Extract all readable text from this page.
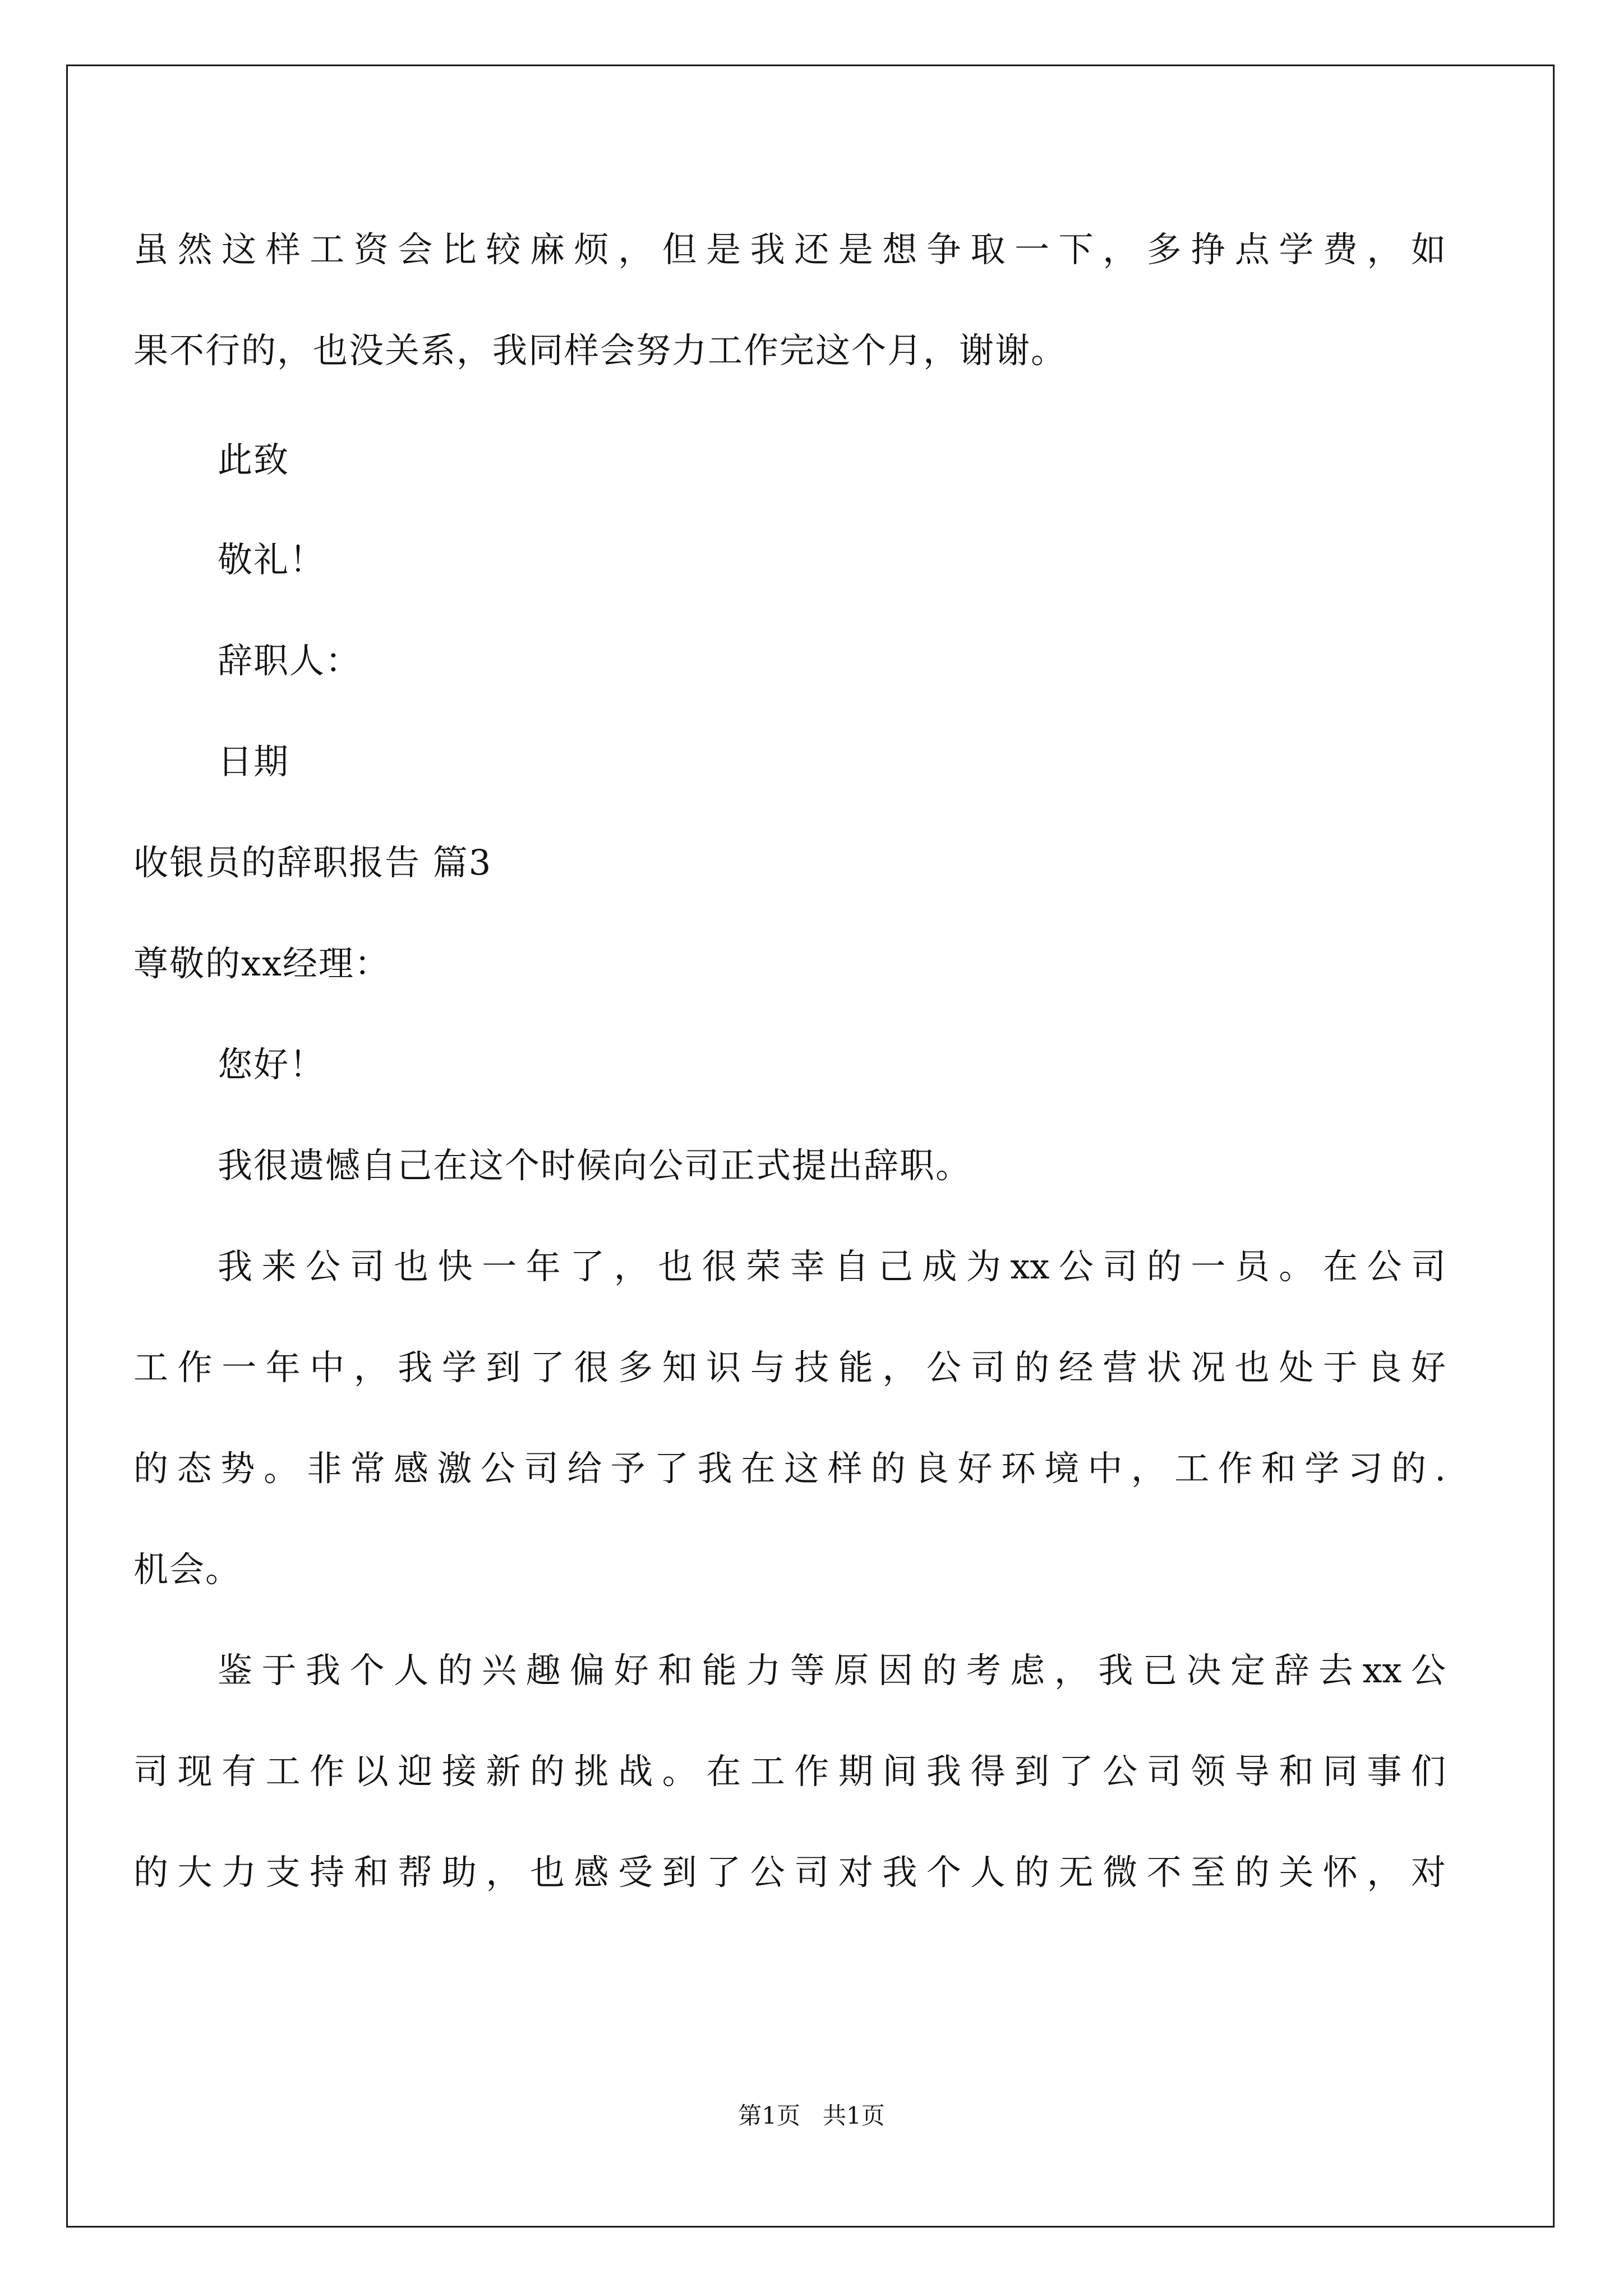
虽然这样工资会比较麻烦，但是我还是想争取一下，多挣点学费，如
果不行的，也没关系，我同样会努力工作完这个月，谢谢。
此致
敬礼！
辞职人：
日期
收银员的辞职报告 篇3
尊敬的xx经理：
您好！
我很遗憾自己在这个时候向公司正式提出辞职。
我来公司也快一年了，也很荣幸自己成为xx公司的一员。在公司
工作一年中，我学到了很多知识与技能，公司的经营状况也处于良好
的态势。非常感激公司给予了我在这样的良好环境中，工作和学习的.
机会。
鉴于我个人的兴趣偏好和能力等原因的考虑，我已决定辞去xx公
司现有工作以迎接新的挑战。在工作期间我得到了公司领导和同事们
的大力支持和帮助，也感受到了公司对我个人的无微不至的关怀，对
第1页   共1页
